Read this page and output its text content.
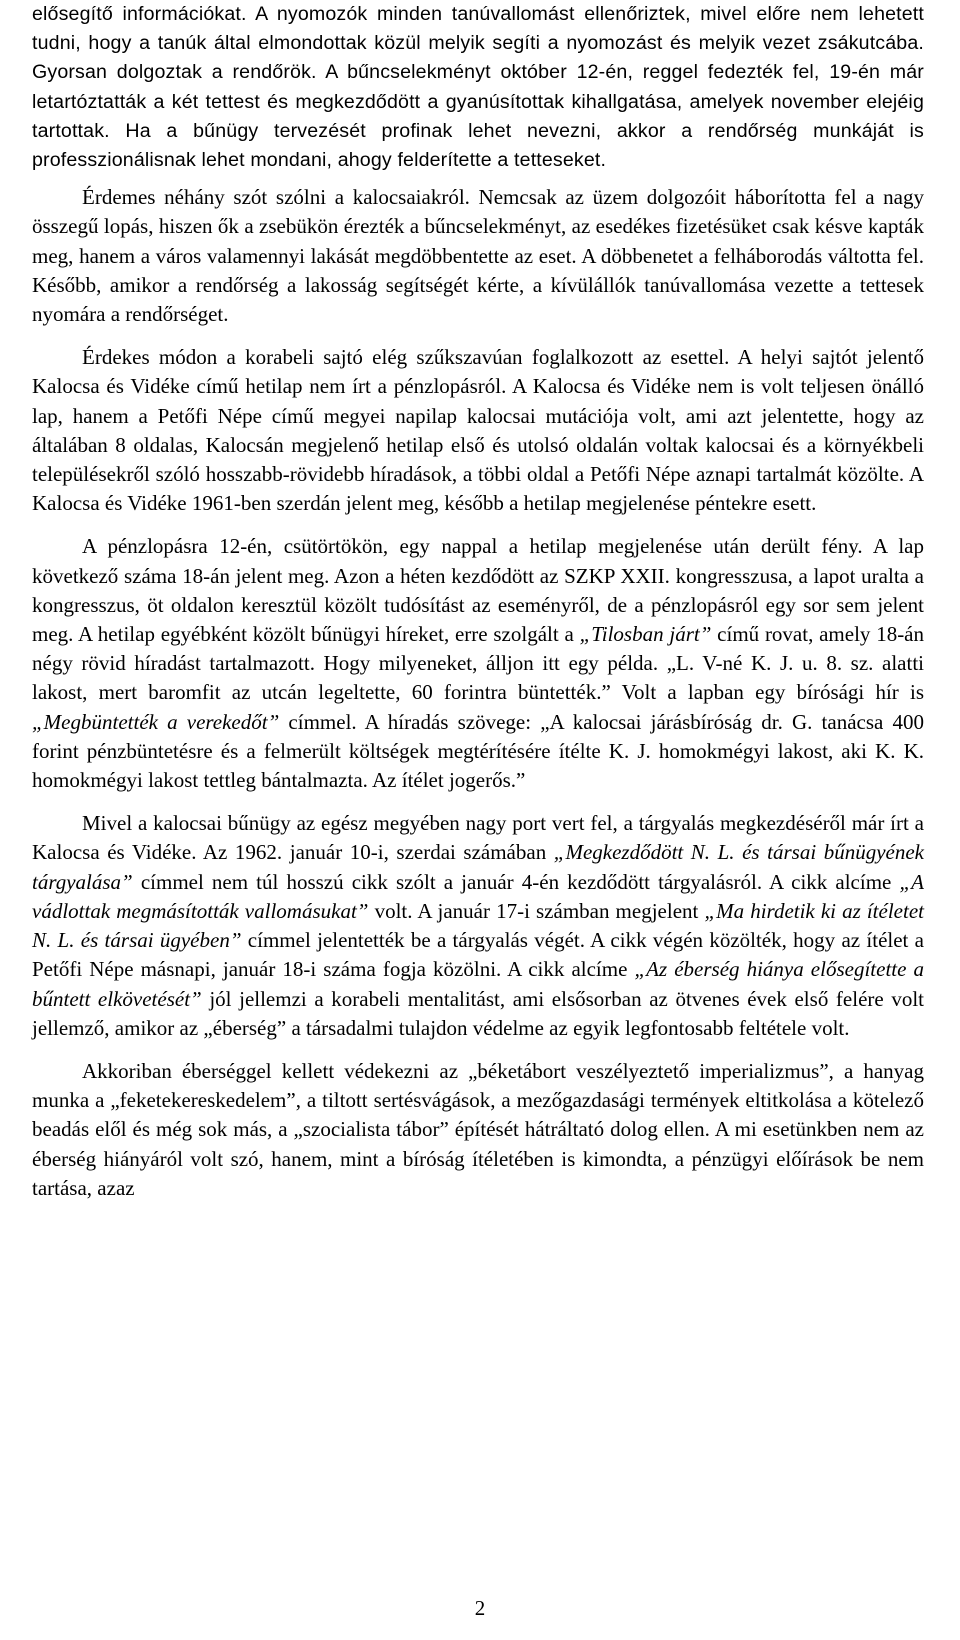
elősegítő információkat. A nyomozók minden tanúvallomást ellenőriztek, mivel előre nem lehetett tudni, hogy a tanúk által elmondottak közül melyik segíti a nyomozást és melyik vezet zsákutcába. Gyorsan dolgoztak a rendőrök. A bűncselekményt október 12-én, reggel fedezték fel, 19-én már letartóztatták a két tettest és megkezdődött a gyanúsítottak kihallgatása, amelyek november elejéig tartottak. Ha a bűnügy tervezését profinak lehet nevezni, akkor a rendőrség munkáját is professzionálisnak lehet mondani, ahogy felderítette a tetteseket.

Érdemes néhány szót szólni a kalocsaiakról. Nemcsak az üzem dolgozóit háborította fel a nagy összegű lopás, hiszen ők a zsebükön érezték a bűncselekményt, az esedékes fizetésüket csak késve kapták meg, hanem a város valamennyi lakását megdöbbentette az eset. A döbbenetet a felháborodás váltotta fel. Később, amikor a rendőrség a lakosság segítségét kérte, a kívülállók tanúvallomása vezette a tettesek nyomára a rendőrséget.

Érdekes módon a korabeli sajtó elég szűkszavúan foglalkozott az esettel. A helyi sajtót jelentő Kalocsa és Vidéke című hetilap nem írt a pénzlopásról. A Kalocsa és Vidéke nem is volt teljesen önálló lap, hanem a Petőfi Népe című megyei napilap kalocsai mutációja volt, ami azt jelentette, hogy az általában 8 oldalas, Kalocsán megjelenő hetilap első és utolsó oldalán voltak kalocsai és a környékbeli településekről szóló hosszabb-rövidebb híradások, a többi oldal a Petőfi Népe aznapi tartalmát közölte. A Kalocsa és Vidéke 1961-ben szerdán jelent meg, később a hetilap megjelenése péntekre esett.

A pénzlopásra 12-én, csütörtökön, egy nappal a hetilap megjelenése után derült fény. A lap következő száma 18-án jelent meg. Azon a héten kezdődött az SZKP XXII. kongresszusa, a lapot uralta a kongresszus, öt oldalon keresztül közölt tudósítást az eseményről, de a pénzlopásról egy sor sem jelent meg. A hetilap egyébként közölt bűnügyi híreket, erre szolgált a „Tilosban járt” című rovat, amely 18-án négy rövid híradást tartalmazott. Hogy milyeneket, álljon itt egy példa. „L. V-né K. J. u. 8. sz. alatti lakost, mert baromfit az utcán legeltette, 60 forintra büntették.” Volt a lapban egy bírósági hír is „Megbüntették a verekedőt” címmel. A híradás szövege: „A kalocsai járásbíróság dr. G. tanácsa 400 forint pénzbüntetésre és a felmerült költségek megtérítésére ítélte K. J. homokmégyi lakost, aki K. K. homokmégyi lakost tettleg bántalmazta. Az ítélet jogerős.”

Mivel a kalocsai bűnügy az egész megyében nagy port vert fel, a tárgyalás megkezdéséről már írt a Kalocsa és Vidéke. Az 1962. január 10-i, szerdai számában „Megkezdődött N. L. és társai bűnügyének tárgyalása” címmel nem túl hosszú cikk szólt a január 4-én kezdődött tárgyalásról. A cikk alcíme „A vádlottak megmásították vallomásukat” volt. A január 17-i számban megjelent „Ma hirdetik ki az ítéletet N. L. és társai ügyében” címmel jelentették be a tárgyalás végét. A cikk végén közölték, hogy az ítélet a Petőfi Népe másnapi, január 18-i száma fogja közölni. A cikk alcíme „Az éberség hiánya elősegítette a bűntett elkövetését” jól jellemzi a korabeli mentalitást, ami elsősorban az ötvenes évek első felére volt jellemző, amikor az „éberség” a társadalmi tulajdon védelme az egyik legfontosabb feltétele volt.

Akkoriban éberséggel kellett védekezni az „béketábort veszélyeztető imperializmus”, a hanyag munka a „feketekereskedelem”, a tiltott sertésvágások, a mezőgazdasági termények eltitkolása a kötelező beadás elől és még sok más, a „szocialista tábor” építését hátráltató dolog ellen. A mi esetünkben nem az éberség hiányáról volt szó, hanem, mint a bíróság ítéletében is kimondta, a pénzügyi előírások be nem tartása, azaz

2
